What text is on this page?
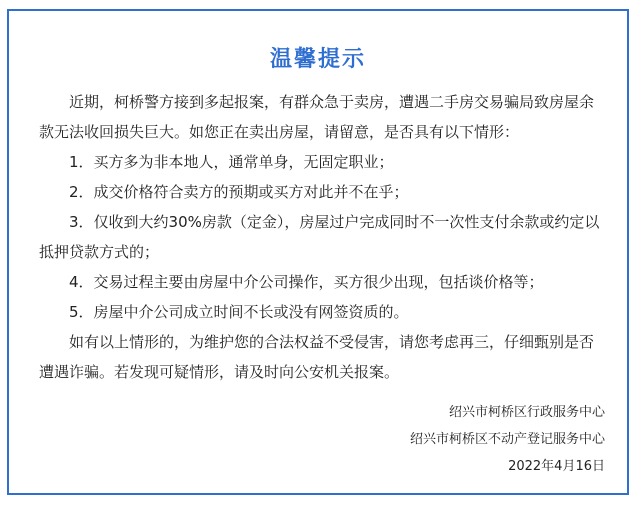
温馨提示

近期，柯桥警方接到多起报案，有群众急于卖房，遭遇二手房交易骗局致房屋余款无法收回损失巨大。如您正在卖出房屋，请留意，是否具有以下情形：

1．买方多为非本地人，通常单身，无固定职业；

2．成交价格符合卖方的预期或买方对此并不在乎；

3．仅收到大约30%房款（定金），房屋过户完成同时不一次性支付余款或约定以抵押贷款方式的；

4．交易过程主要由房屋中介公司操作，买方很少出现，包括谈价格等；

5．房屋中介公司成立时间不长或没有网签资质的。

如有以上情形的，为维护您的合法权益不受侵害，请您考虑再三，仔细甄别是否遭遇诈骗。若发现可疑情形，请及时向公安机关报案。

绍兴市柯桥区行政服务中心
绍兴市柯桥区不动产登记服务中心
2022年4月16日
